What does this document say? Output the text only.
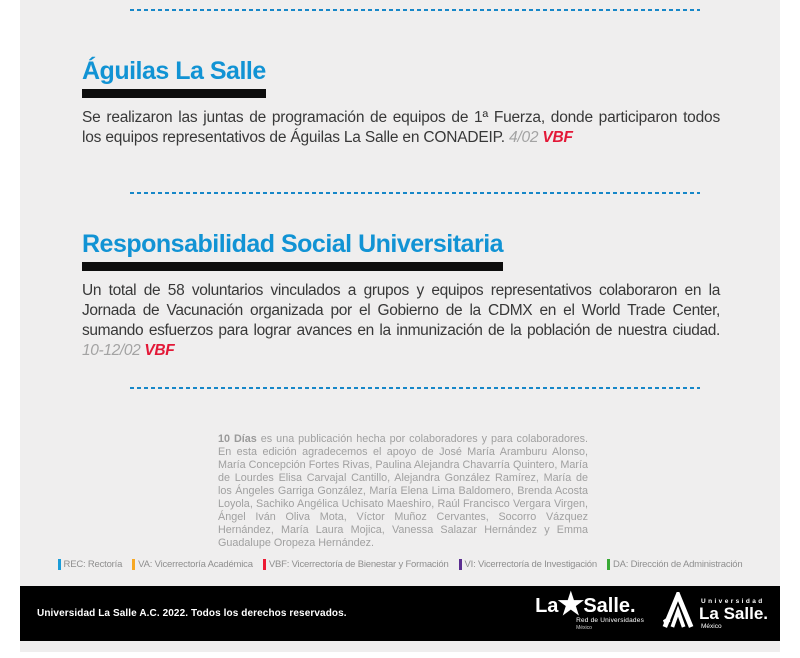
Águilas La Salle

Se realizaron las juntas de programación de equipos de 1ª Fuerza, donde participaron todos los equipos representativos de Águilas La Salle en CONADEIP. 4/02 VBF

Responsabilidad Social Universitaria

Un total de 58 voluntarios vinculados a grupos y equipos representativos colaboraron en la Jornada de Vacunación organizada por el Gobierno de la CDMX en el World Trade Center, sumando esfuerzos para lograr avances en la inmunización de la población de nuestra ciudad. 10-12/02 VBF

10 Días es una publicación hecha por colaboradores y para colaboradores. En esta edición agradecemos el apoyo de José María Aramburu Alonso, María Concepción Fortes Rivas, Paulina Alejandra Chavarría Quintero, María de Lourdes Elisa Carvajal Cantillo, Alejandra González Ramírez, María de los Ángeles Garriga González, María Elena Lima Baldomero, Brenda Acosta Loyola, Sachiko Angélica Uchisato Maeshiro, Raúl Francisco Vergara Virgen, Ángel Iván Oliva Mota, Víctor Muñoz Cervantes, Socorro Vázquez Hernández, María Laura Mojica, Vanessa Salazar Hernández y Emma Guadalupe Oropeza Hernández.

REC: Rectoría VA: Vicerrectoría Académica VBF: Vicerrectoría de Bienestar y Formación VI: Vicerrectoría de Investigación DA: Dirección de Administración
Universidad La Salle A.C. 2022. Todos los derechos reservados.	La ★ Salle.
Red de Universidades
México
Universidad
La Salle.
México
